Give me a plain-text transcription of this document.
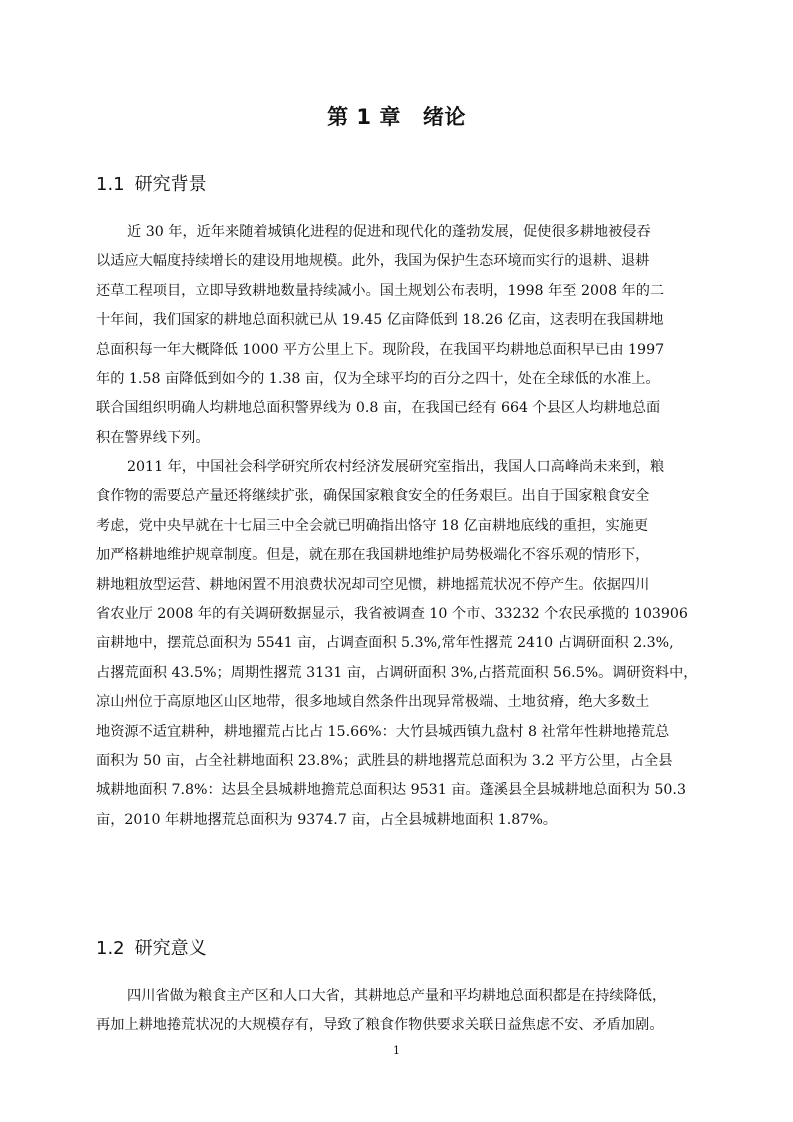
第 1 章 绪论
1.1 研究背景
近 30 年，近年来随着城镇化进程的促进和现代化的蓬勃发展，促使很多耕地被侵吞
以适应大幅度持续增长的建设用地规模。此外，我国为保护生态环境而实行的退耕、退耕
还草工程项目，立即导致耕地数量持续减小。国土规划公布表明，1998 年至 2008 年的二
十年间，我们国家的耕地总面积就已从 19.45 亿亩降低到 18.26 亿亩，这表明在我国耕地
总面积每一年大概降低 1000 平方公里上下。现阶段，在我国平均耕地总面积早已由 1997
年的 1.58 亩降低到如今的 1.38 亩，仅为全球平均的百分之四十，处在全球低的水准上。
联合国组织明确人均耕地总面积警界线为 0.8 亩，在我国已经有 664 个县区人均耕地总面
积在警界线下列。
2011 年，中国社会科学研究所农村经济发展研究室指出，我国人口高峰尚未来到，粮
食作物的需要总产量还将继续扩张，确保国家粮食安全的任务艰巨。出自于国家粮食安全
考虑，党中央早就在十七届三中全会就已明确指出恪守 18 亿亩耕地底线的重担，实施更
加严格耕地维护规章制度。但是，就在那在我国耕地维护局势极端化不容乐观的情形下，
耕地粗放型运营、耕地闲置不用浪费状况却司空见惯，耕地摇荒状况不停产生。依据四川
省农业厅 2008 年的有关调研数据显示，我省被调查 10 个市、33232 个农民承揽的 103906
亩耕地中，摆荒总面积为 5541 亩，占调查面积 5.3%,常年性撂荒 2410 占调研面积 2.3%,
占撂荒面积 43.5%；周期性撂荒 3131 亩，占调研面积 3%,占搭荒面积 56.5%。调研资料中，
凉山州位于高原地区山区地带，很多地域自然条件出现异常极端、土地贫瘠，绝大多数土
地资源不适宜耕种，耕地擢荒占比占 15.66%：大竹县城西镇九盘村 8 社常年性耕地捲荒总
面积为 50 亩，占全社耕地面积 23.8%；武胜县的耕地撂荒总面积为 3.2 平方公里，占全县
城耕地面积 7.8%：达县全县城耕地擔荒总面积达 9531 亩。蓬溪县全县城耕地总面积为 50.3
亩，2010 年耕地撂荒总面积为 9374.7 亩，占全县城耕地面积 1.87%。
1.2 研究意义
四川省做为粮食主产区和人口大省，其耕地总产量和平均耕地总面积都是在持续降低，
再加上耕地捲荒状况的大规模存有，导致了粮食作物供要求关联日益焦虑不安、矛盾加剧。
1
